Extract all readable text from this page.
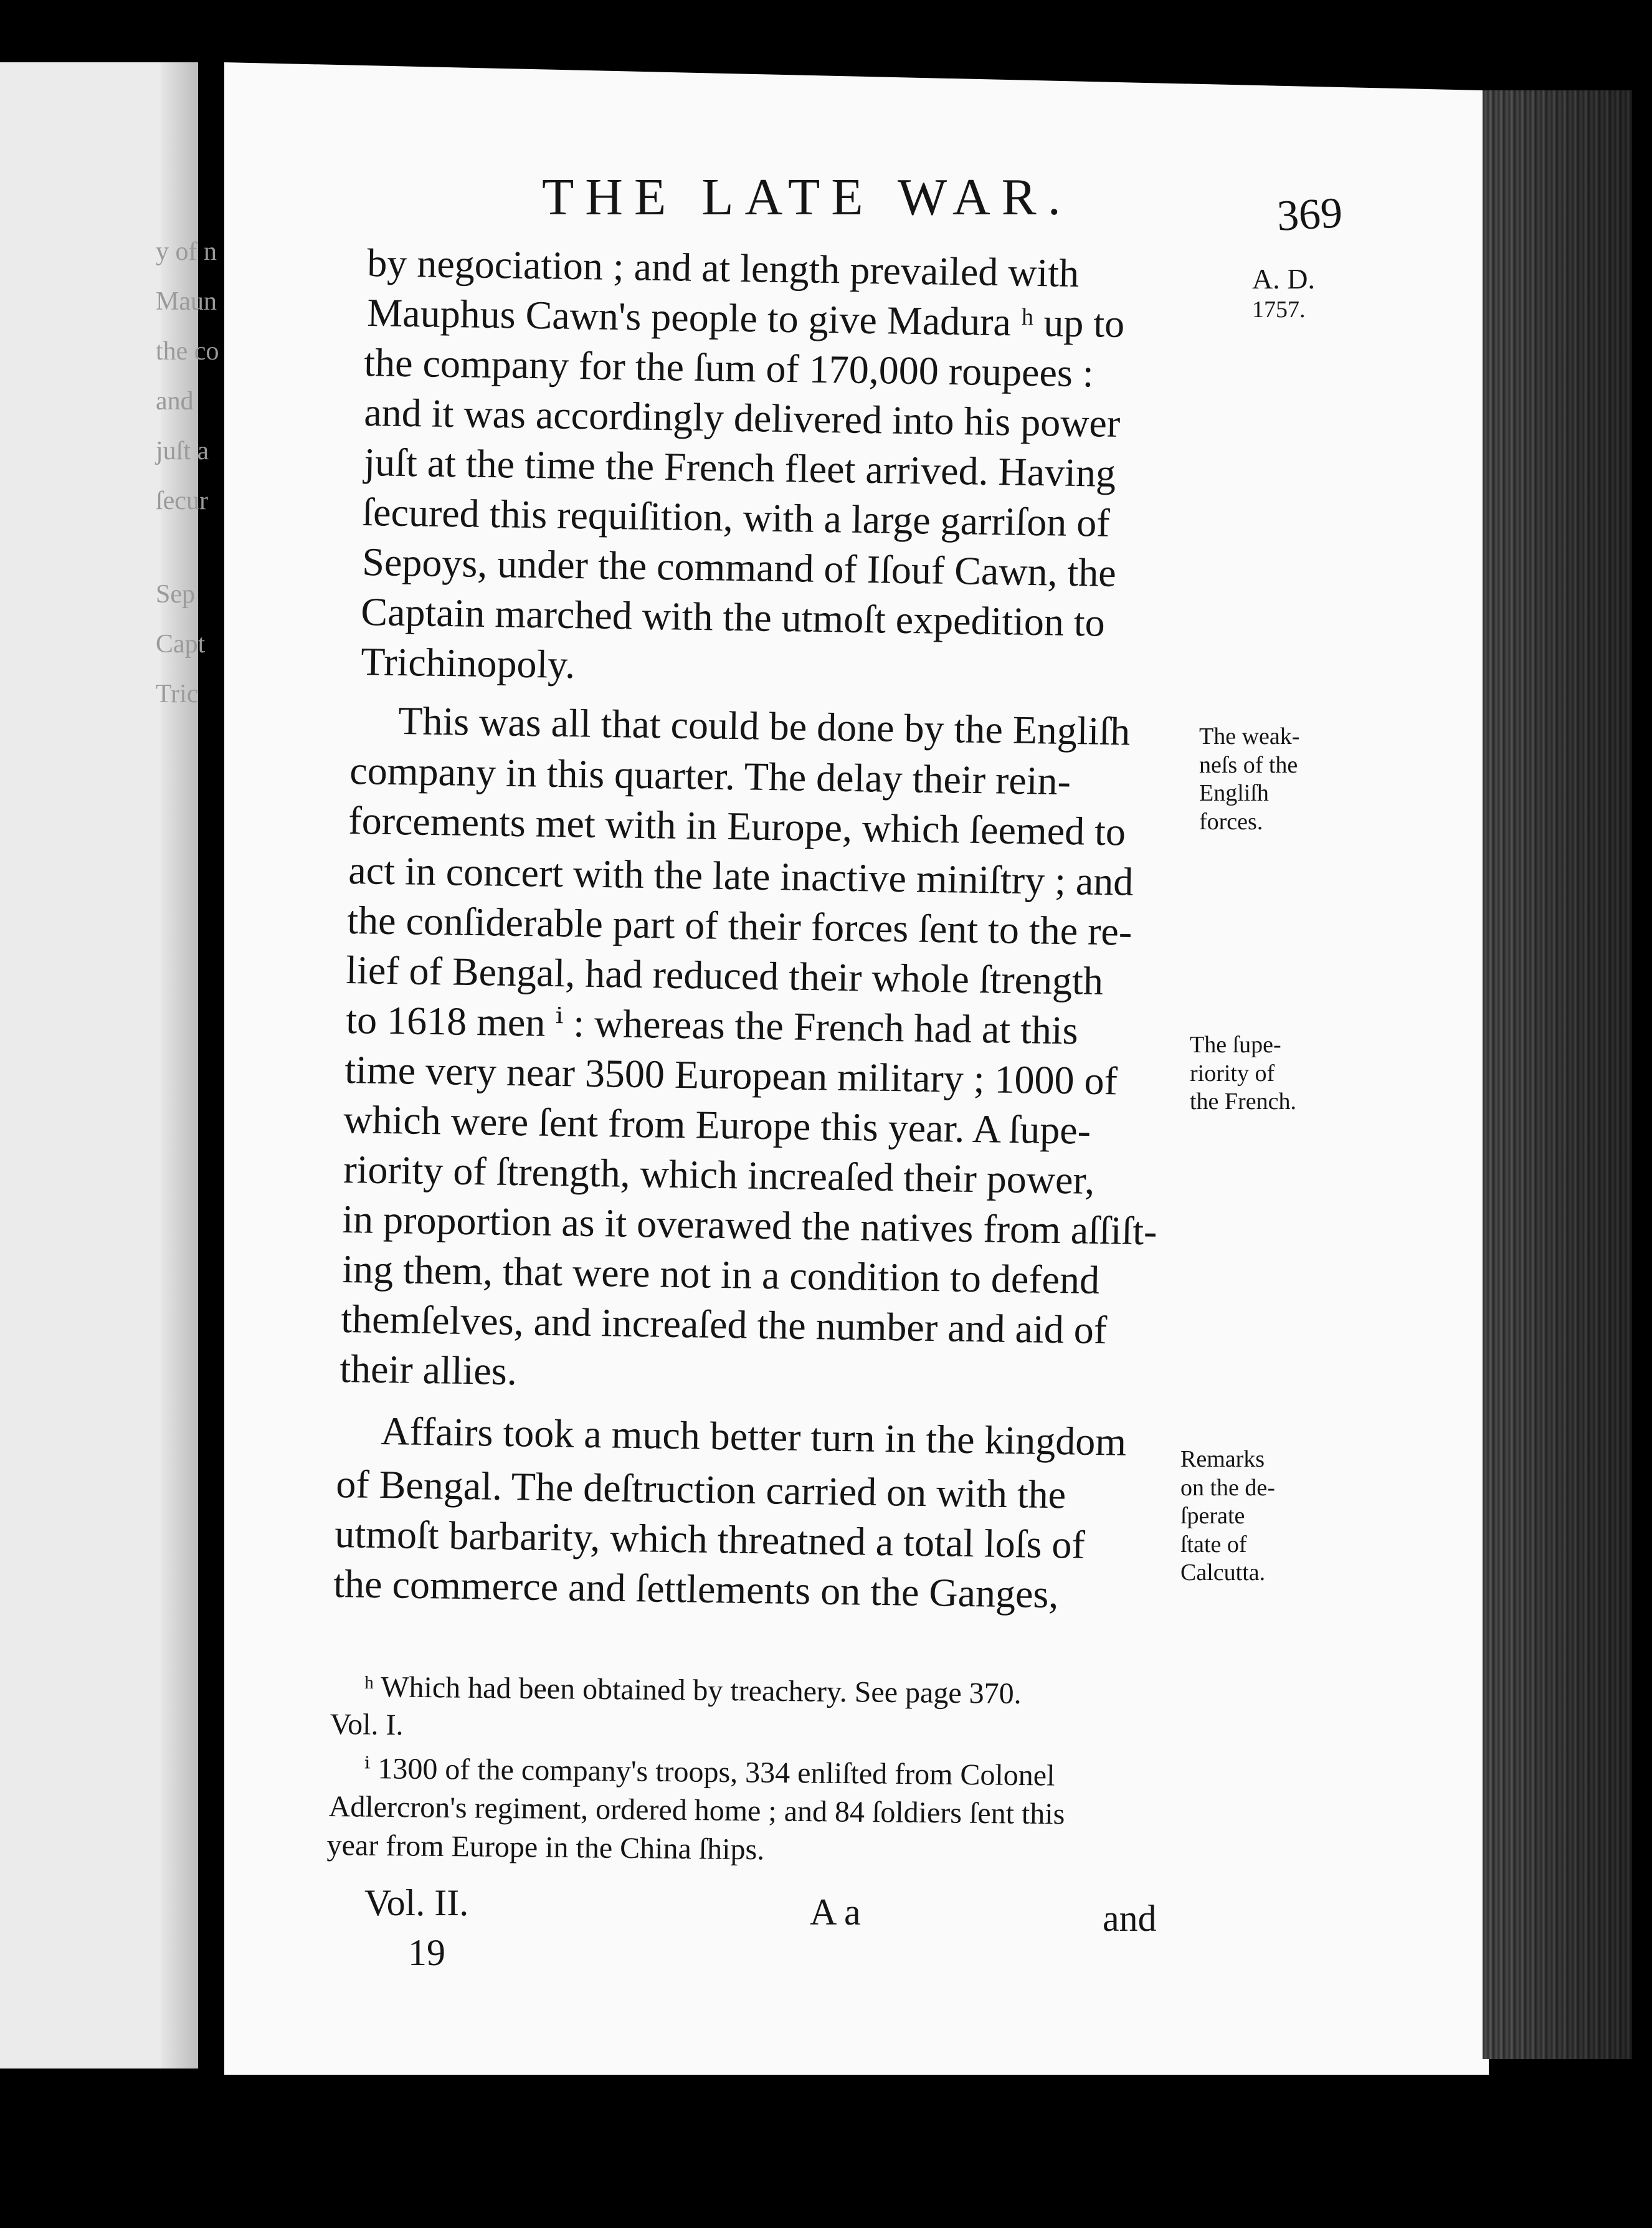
y of n
Maun
the co
and
juſt a
ſecur
Sep
Capt
Tric
THE LATE WAR.	369
A. D.
1757.
by negociation ; and at length prevailed with
Mauphus Cawn's people to give Madura ʰ up to
the company for the ſum of 170,000 roupees :
and it was accordingly delivered into his power
juſt at the time the French fleet arrived. Having
ſecured this requiſition, with a large garriſon of
Sepoys, under the command of Iſouf Cawn, the
Captain marched with the utmoſt expedition to
Trichinopoly.
This was all that could be done by the Engliſh
company in this quarter. The delay their rein-
forcements met with in Europe, which ſeemed to
act in concert with the late inactive miniſtry ; and
the conſiderable part of their forces ſent to the re-
lief of Bengal, had reduced their whole ſtrength
to 1618 men ⁱ : whereas the French had at this
time very near 3500 European military ; 1000 of
which were ſent from Europe this year. A ſupe-
riority of ſtrength, which increaſed their power,
in proportion as it overawed the natives from aſſiſt-
ing them, that were not in a condition to defend
themſelves, and increaſed the number and aid of
their allies.
Affairs took a much better turn in the kingdom
of Bengal. The deſtruction carried on with the
utmoſt barbarity, which threatned a total loſs of
the commerce and ſettlements on the Ganges,
The weak-
neſs of the
Engliſh
forces.
The ſupe-
riority of
the French.
Remarks
on the de-
ſperate
ſtate of
Calcutta.
ʰ Which had been obtained by treachery. See page 370.
Vol. I.
ⁱ 1300 of the company's troops, 334 enliſted from Colonel
Adlercron's regiment, ordered home ; and 84 ſoldiers ſent this
year from Europe in the China ſhips.
Vol. II.	A a	and
19
